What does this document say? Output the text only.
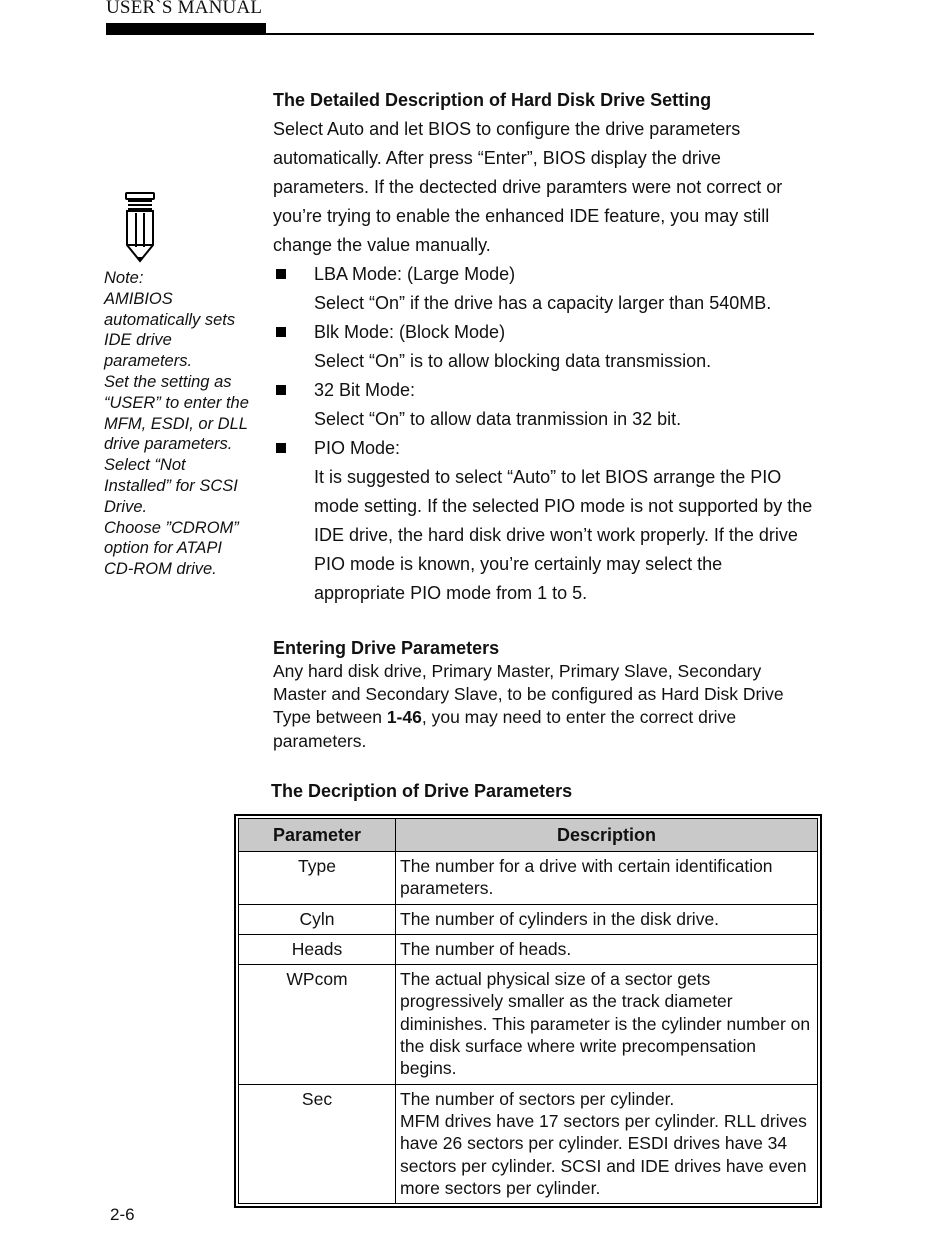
USER`S MANUAL

Note:

AMIBIOS automatically sets IDE drive parameters.

Set the setting as “USER” to enter the MFM, ESDI, or DLL drive parameters.

Select “Not Installed” for SCSI Drive.

Choose ”CDROM” option for ATAPI CD-ROM drive.

The Detailed Description of Hard Disk Drive Setting

Select Auto and let BIOS to configure the drive parameters automatically. After press “Enter”, BIOS display the drive parameters. If the dectected drive paramters were not correct or you’re trying to enable the enhanced IDE feature, you may still change the value manually.

LBA Mode: (Large Mode)
Select “On” if the drive has a capacity larger than 540MB.
Blk Mode: (Block Mode)
Select “On” is to allow blocking data transmission.
32 Bit Mode:
Select “On” to allow data tranmission in 32 bit.
PIO Mode:
It is suggested to select “Auto” to let BIOS arrange the PIO mode setting. If the selected PIO mode is not supported by the IDE drive, the hard disk drive won’t work properly. If the drive PIO mode is known, you’re certainly may select the appropriate PIO mode from 1 to 5.

Entering Drive Parameters

Any hard disk drive, Primary Master, Primary Slave, Secondary Master and Secondary Slave, to be configured as Hard Disk Drive Type between 1-46, you may need to enter the correct drive parameters.

The Decription of Drive Parameters
Parameter	Description
Type	The number for a drive with certain identification parameters.
Cyln	The number of cylinders in the disk drive.
Heads	The number of heads.
WPcom	The actual physical size of a sector gets progressively smaller as the track diameter diminishes. This parameter is the cylinder number on the disk surface where write precompensation begins.
Sec	The number of sectors per cylinder.
MFM drives have 17 sectors per cylinder. RLL drives have 26 sectors per cylinder. ESDI drives have 34 sectors per cylinder. SCSI and IDE drives have even more sectors per cylinder.
2-6
